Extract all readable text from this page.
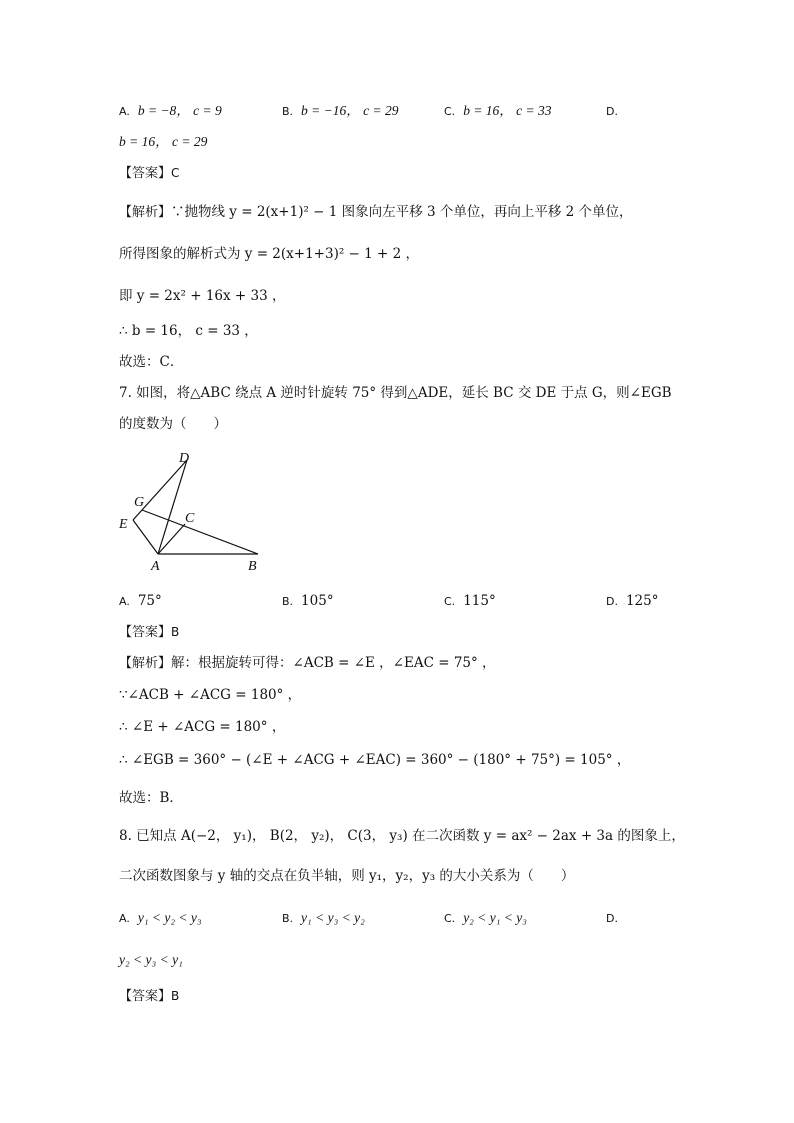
A. b = −8， c = 9	B. b = −16， c = 29	C. b = 16， c = 33	D.
b = 16， c = 29
【答案】C
【解析】∵抛物线 y = 2(x+1)² − 1 图象向左平移 3 个单位，再向上平移 2 个单位，
所得图象的解析式为 y = 2(x+1+3)² − 1 + 2 ，
即 y = 2x² + 16x + 33 ，
∴ b = 16， c = 33 ，
故选：C．
7. 如图，将△ABC 绕点 A 逆时针旋转 75° 得到△ADE，延长 BC 交 DE 于点 G，则∠EGB
的度数为（　　）
D
G
C
E
A	B
A. 75°	B. 105°	C. 115°	D. 125°
【答案】B
【解析】解：根据旋转可得：∠ACB = ∠E ，∠EAC = 75° ，
∵∠ACB + ∠ACG = 180° ，
∴ ∠E + ∠ACG = 180° ，
∴ ∠EGB = 360° − (∠E + ∠ACG + ∠EAC) = 360° − (180° + 75°) = 105° ，
故选：B．
8. 已知点 A(−2， y₁)， B(2， y₂)， C(3， y₃) 在二次函数 y = ax² − 2ax + 3a 的图象上，
二次函数图象与 y 轴的交点在负半轴，则 y₁，y₂，y₃ 的大小关系为（　　）
A. y₁ < y₂ < y₃	B. y₁ < y₃ < y₂	C. y₂ < y₁ < y₃	D.
y₂ < y₃ < y₁
【答案】B
